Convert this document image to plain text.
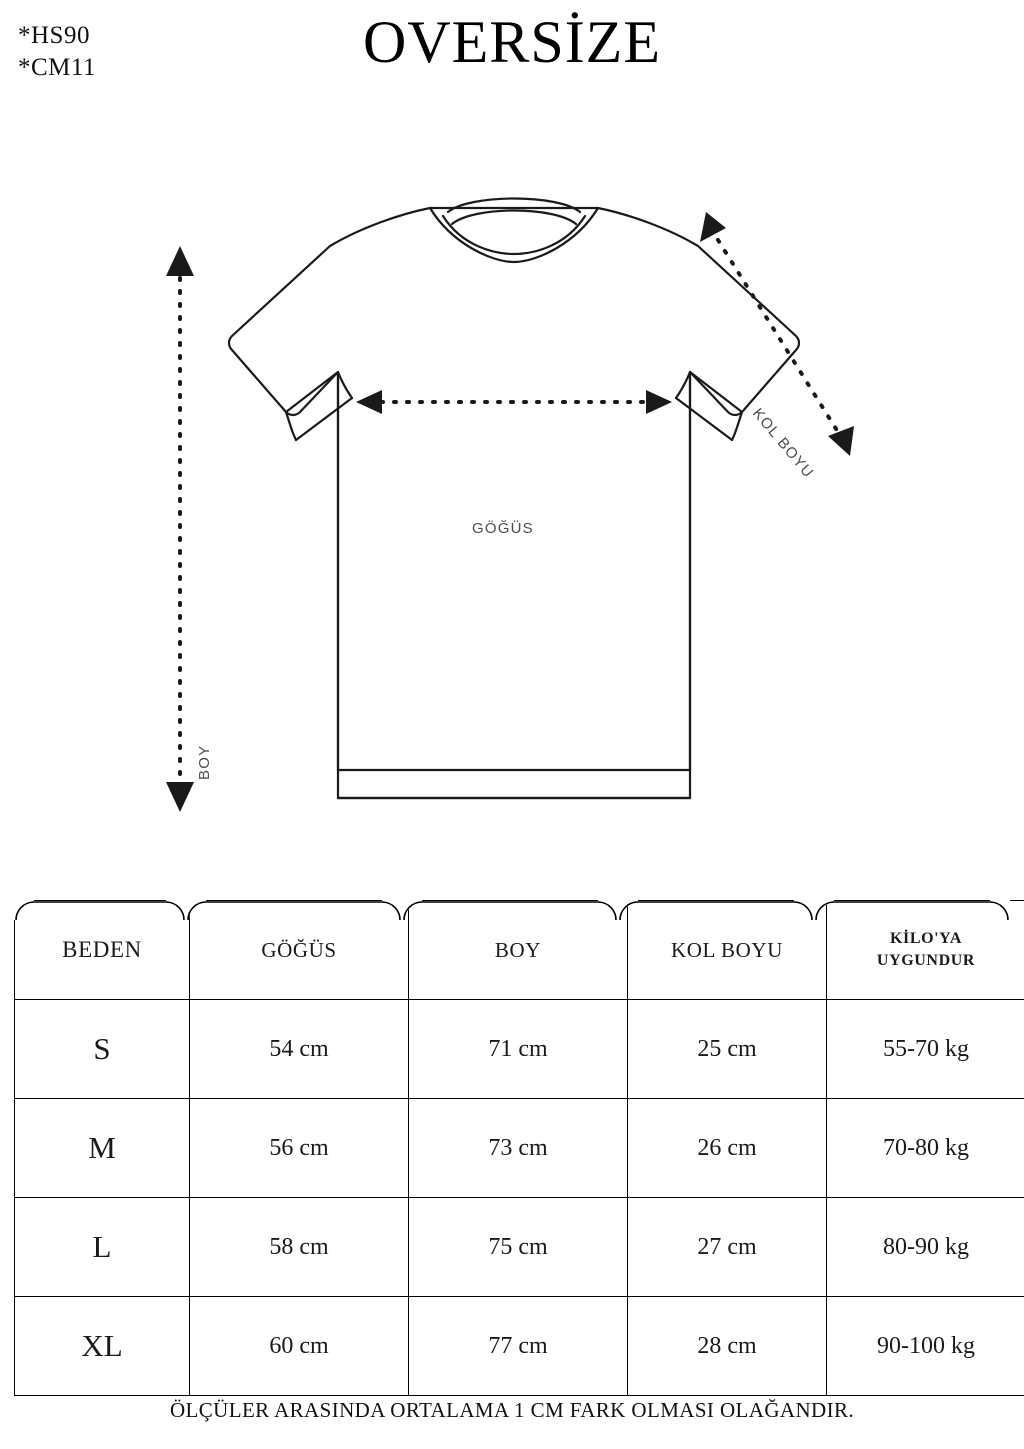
*HS90
*CM11	OVERSİZE
GÖĞÜS
BOY
KOL BOYU
BEDEN	GÖĞÜS	BOY	KOL BOYU	KİLO'YA
UYGUNDUR
S	54 cm	71 cm	25 cm	55-70 kg
M	56 cm	73 cm	26 cm	70-80 kg
L	58 cm	75 cm	27 cm	80-90 kg
XL	60 cm	77 cm	28 cm	90-100 kg
ÖLÇÜLER ARASINDA ORTALAMA 1 CM FARK OLMASI OLAĞANDIR.
